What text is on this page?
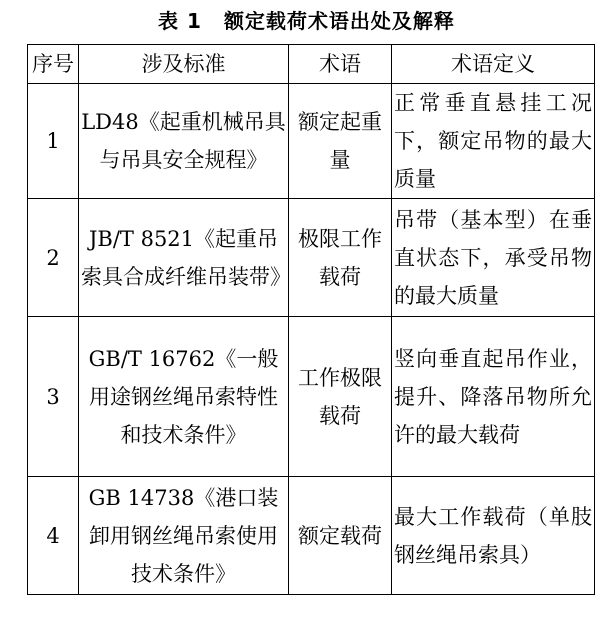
表 1 额定载荷术语出处及解释
序号	涉及标准	术语	术语定义
1	LD48《起重机械吊具与吊具安全规程》	额定起重量	正常垂直悬挂工况下，额定吊物的最大质量
2	JB/T 8521《起重吊索具合成纤维吊装带》	极限工作载荷	吊带（基本型）在垂直状态下，承受吊物的最大质量
3	GB/T 16762《一般用途钢丝绳吊索特性和技术条件》	工作极限载荷	竖向垂直起吊作业，提升、降落吊物所允许的最大载荷
4	GB 14738《港口装卸用钢丝绳吊索使用技术条件》	额定载荷	最大工作载荷（单肢钢丝绳吊索具）
